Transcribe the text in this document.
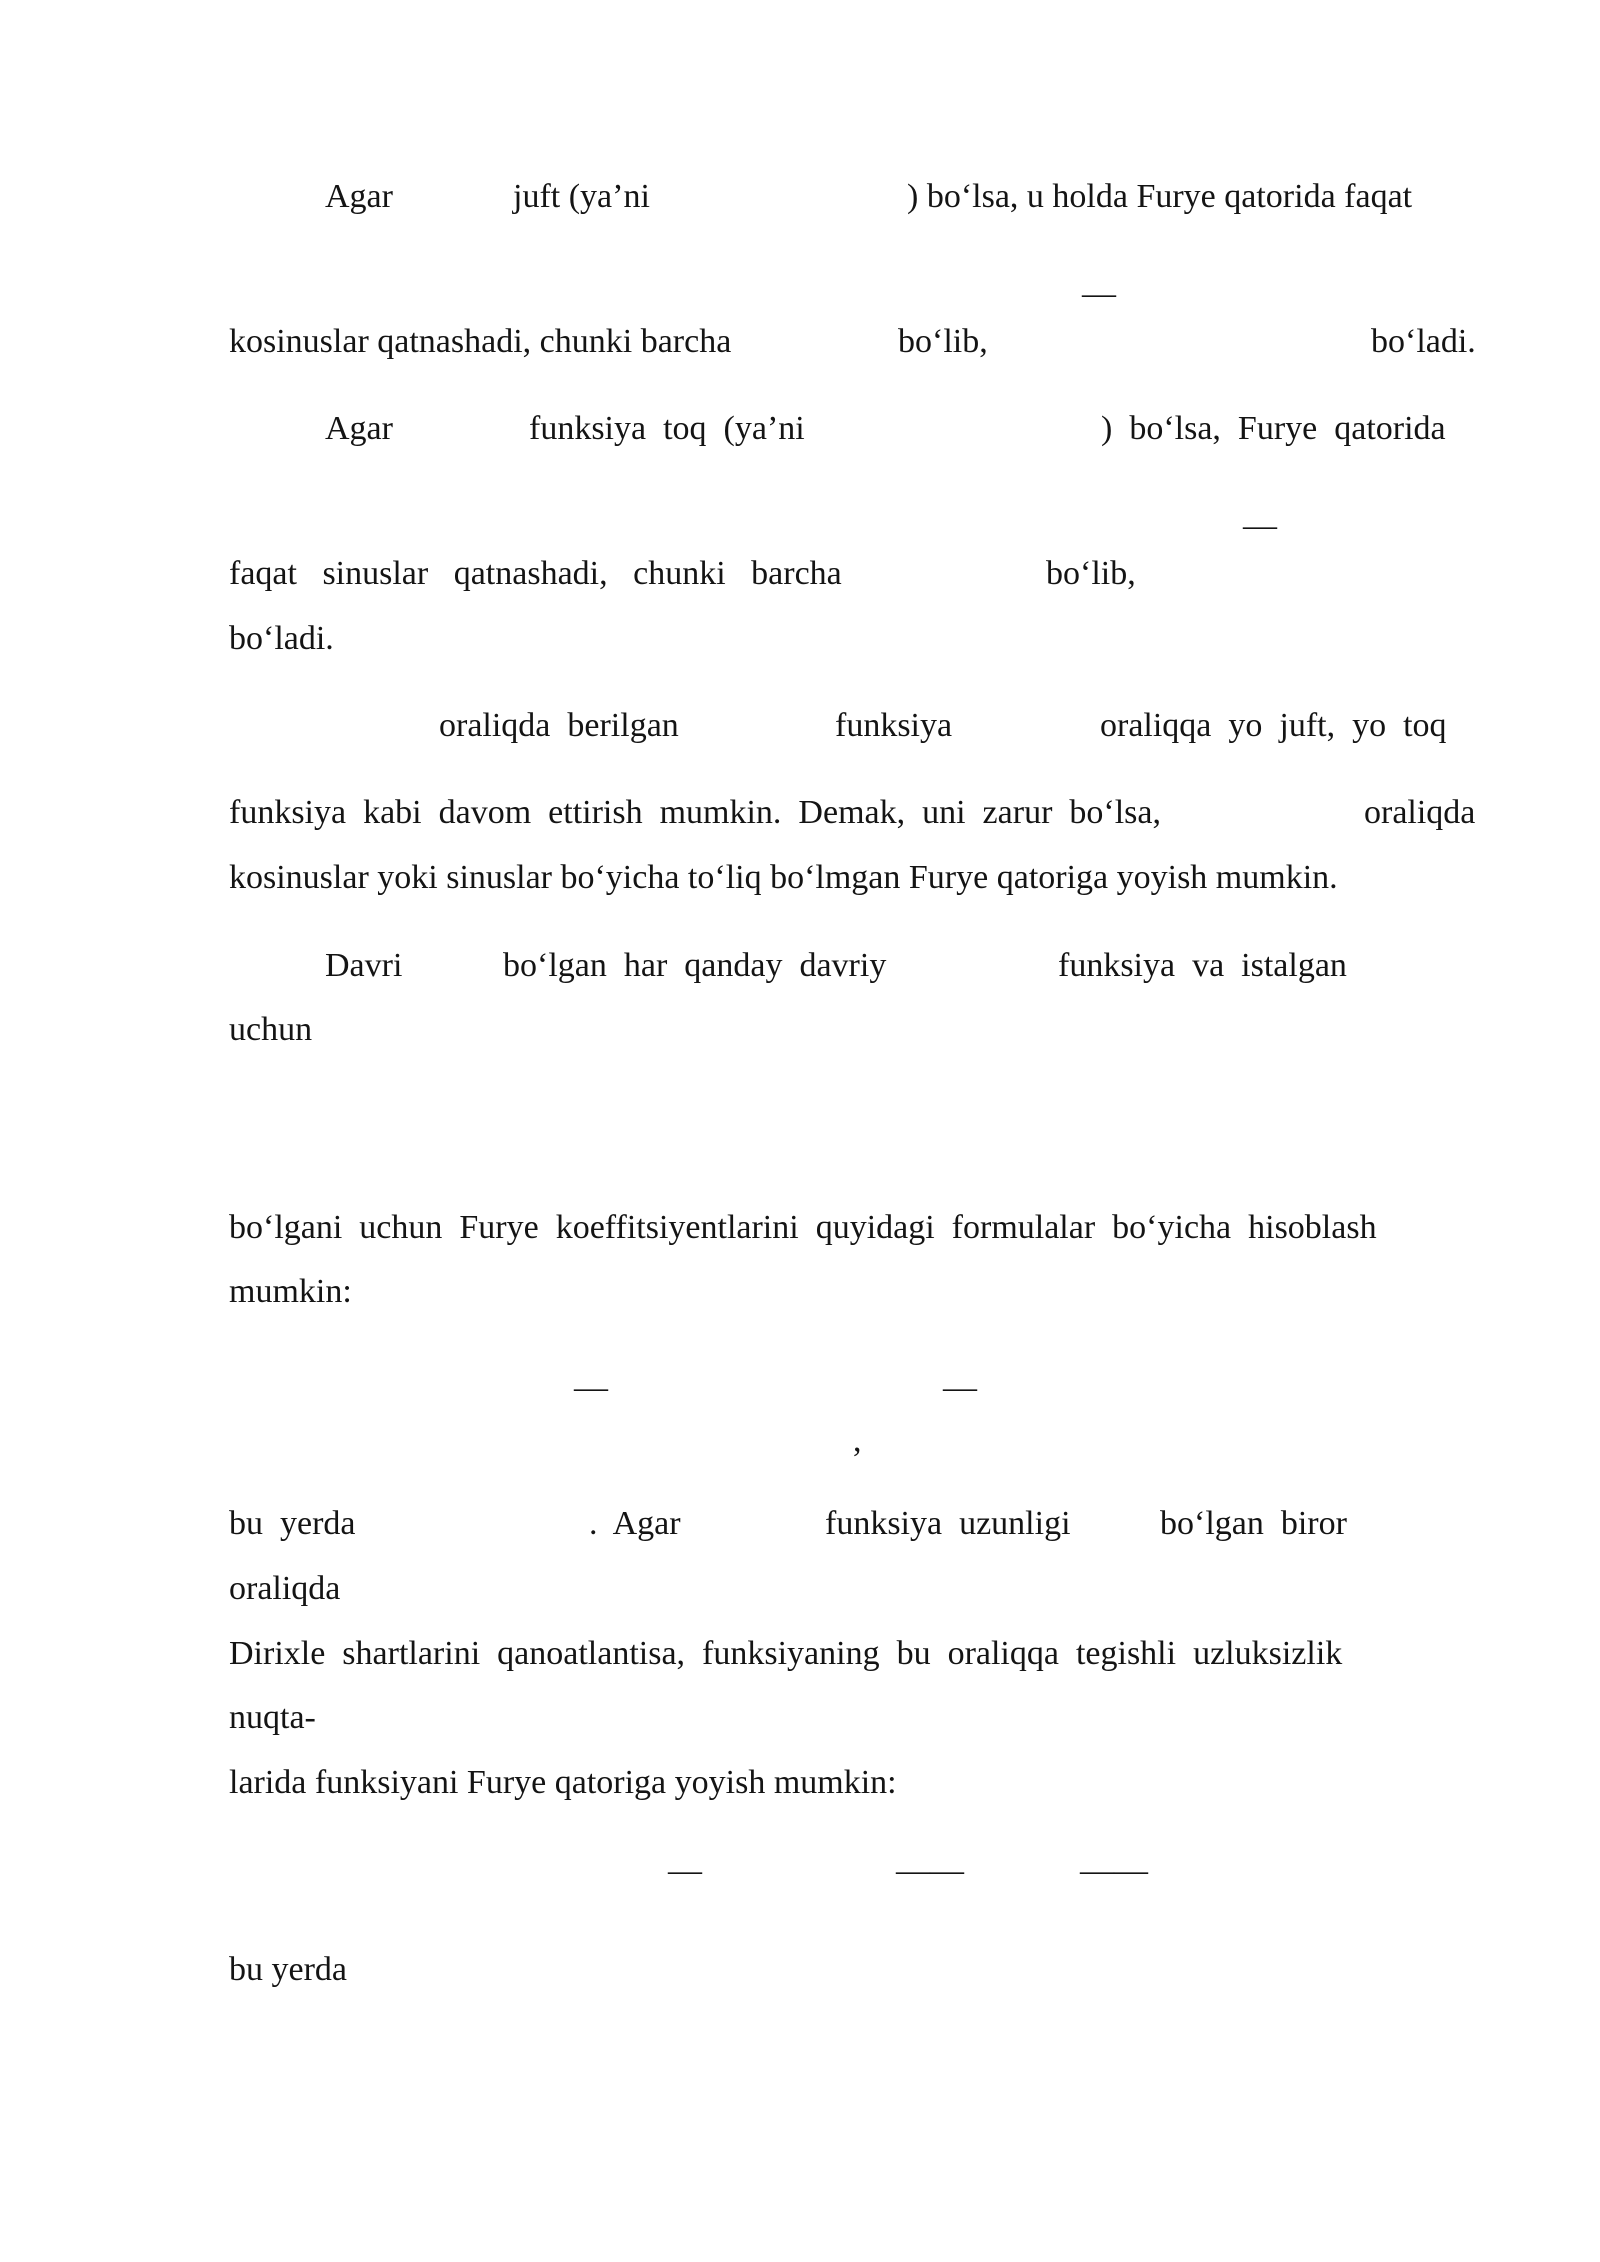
Agar	juft (ya’ni	) bo‘lsa, u holda Furye qatorida faqat
—
kosinuslar qatnashadi, chunki barcha	bo‘lib,	bo‘ladi.
Agar	funksiya  toq  (ya’ni	)  bo‘lsa,  Furye  qatorida
—
faqat   sinuslar   qatnashadi,   chunki   barcha	bo‘lib,
bo‘ladi.
oraliqda  berilgan	funksiya	oraliqqa  yo  juft,  yo  toq
funksiya  kabi  davom  ettirish  mumkin.  Demak,  uni  zarur  bo‘lsa,	oraliqda
kosinuslar yoki sinuslar bo‘yicha to‘liq bo‘lmgan Furye qatoriga yoyish mumkin.
Davri	bo‘lgan  har  qanday  davriy	funksiya  va  istalgan
uchun
bo‘lgani  uchun  Furye  koeffitsiyentlarini  quyidagi  formulalar  bo‘yicha  hisoblash
mumkin:
—	—
,
bu  yerda	.  Agar	funksiya  uzunligi	bo‘lgan  biror
oraliqda
Dirixle  shartlarini  qanoatlantisa,  funksiyaning  bu  oraliqqa  tegishli  uzluksizlik
nuqta-
larida funksiyani Furye qatoriga yoyish mumkin:
—	——	——
bu yerda
